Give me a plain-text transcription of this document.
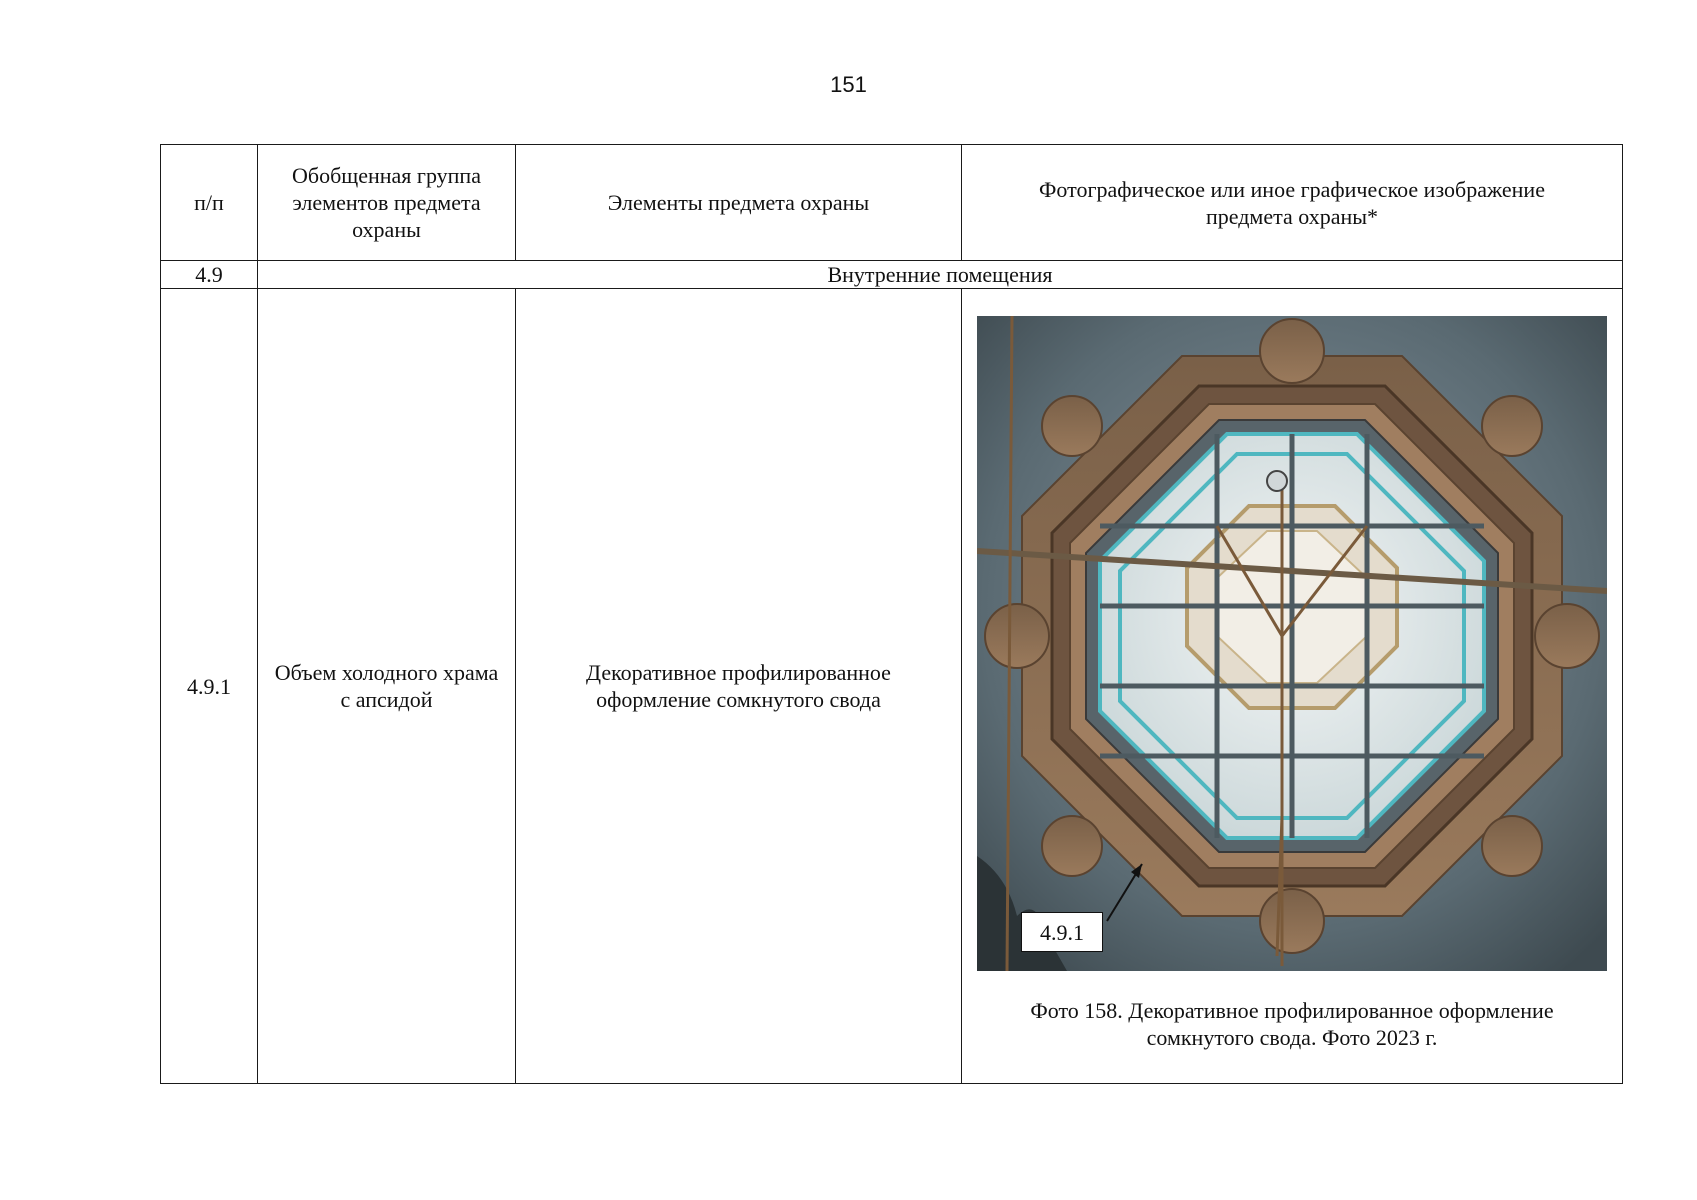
151
п/п	Обобщенная группа элементов предмета охраны	Элементы предмета охраны	Фотографическое или иное графическое изображение предмета охраны*

4.9	Внутренние помещения		
4.9.1	Объем холодного храма с апсидой	Декоративное профилированное оформление сомкнутого свода	4.9.1
Фото 158. Декоративное профилированное оформление сомкнутого свода. Фото 2023 г.
